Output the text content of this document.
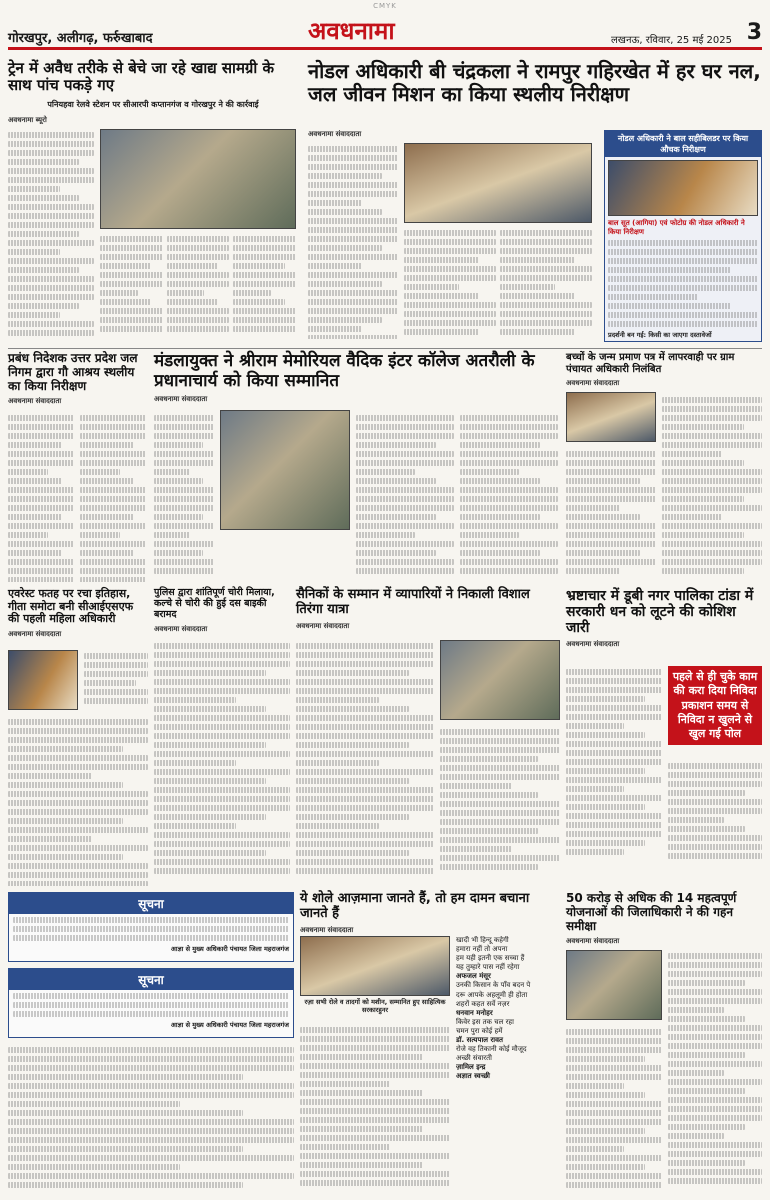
CMYK
गोरखपुर, अलीगढ़, फर्रुखाबाद	अवधनामा	लखनऊ, रविवार, 25 मई 2025 3
ट्रेन में अवैध तरीके से बेचे जा रहे खाद्य सामग्री के साथ पांच पकड़े गए
पनियहवा रेलवे स्टेशन पर सीआरपी कप्तानगंज व गोरखपुर ने की कार्रवाई
अवधनामा ब्यूरो
नोडल अधिकारी बी चंद्रकला ने रामपुर गहिरखेत में हर घर नल, जल जीवन मिशन का किया स्थलीय निरीक्षण
अवधनामा संवाददाता	नोडल अधिकारी ने बाल सहीबिलडर पर किया औचक निरीक्षण
बाल सूत (आगिया) एवं फोटोग्र की नोडल अधिकारी ने किया निरीक्षण
प्रदर्शनी बन गई: किसी का जाएगा दस्तावेजों
प्रबंध निदेशक उत्तर प्रदेश जल निगम द्वारा गौ आश्रय स्थलीय का किया निरीक्षण
अवधनामा संवाददाता
मंडलायुक्त ने श्रीराम मेमोरियल वैदिक इंटर कॉलेज अतरौली के प्रधानाचार्य को किया सम्मानित
अवधनामा संवाददाता
बच्चों के जन्म प्रमाण पत्र में लापरवाही पर ग्राम पंचायत अधिकारी निलंबित
अवधनामा संवाददाता
एवरेस्ट फतह पर रचा इतिहास, गीता समोटा बनी सीआईएसएफ की पहली महिला अधिकारी
अवधनामा संवाददाता
पुलिस द्वारा शांतिपूर्ण चोरी मिलाया, कल्चे से चोरी की हुई दस बाइकी बरामद
अवधनामा संवाददाता
सैनिकों के सम्मान में व्यापारियों ने निकाली विशाल तिरंगा यात्रा
अवधनामा संवाददाता
भ्रष्टाचार में डूबी नगर पालिका टांडा में सरकारी धन को लूटने की कोशिश जारी
अवधनामा संवाददाता
पहले से ही चुके काम की करा दिया निविदा प्रकाशन समय से निविदा न खुलने से खुल गई पोल
सूचना
आज्ञा से मुख्य अधिकारी पंचायत जिला महराजगंज
सूचना
आज्ञा से मुख्य अधिकारी पंचायत जिला महराजगंज
ये शोले आज़माना जानते हैं, तो हम दामन बचाना जानते हैं
अवधनामा संवाददाता
रज़ा सभी रोले व तादगों को मशीन, सम्मानित हुए साहित्यिक सरकारहुनर
खादी भी हिन्दू कहेगी
हमारा नहीं तो अपना
हम यही इतनी एक सच्चा हैं
यह तुम्हारे पास नहीं रहेगा
अफजल मंसूर
उनकी किसान के पाँव बदन पे
दरू आपके अहलूमी ही होता
शहरों कहत सर्वे नज़र
धनवान मनोहर
किवेर इस तक चल रहा
चमन पुरा कोई हमें
डॉ. सत्यपाल रावत
रोजे वह तिकानी कोई मौजूद
अच्छी संवारती
ज़ामिल इन्द्र
अज्ञात स्वच्छी
50 करोड़ से अधिक की 14 महत्वपूर्ण योजनाओं की जिलाधिकारी ने की गहन समीक्षा
अवधनामा संवाददाता
